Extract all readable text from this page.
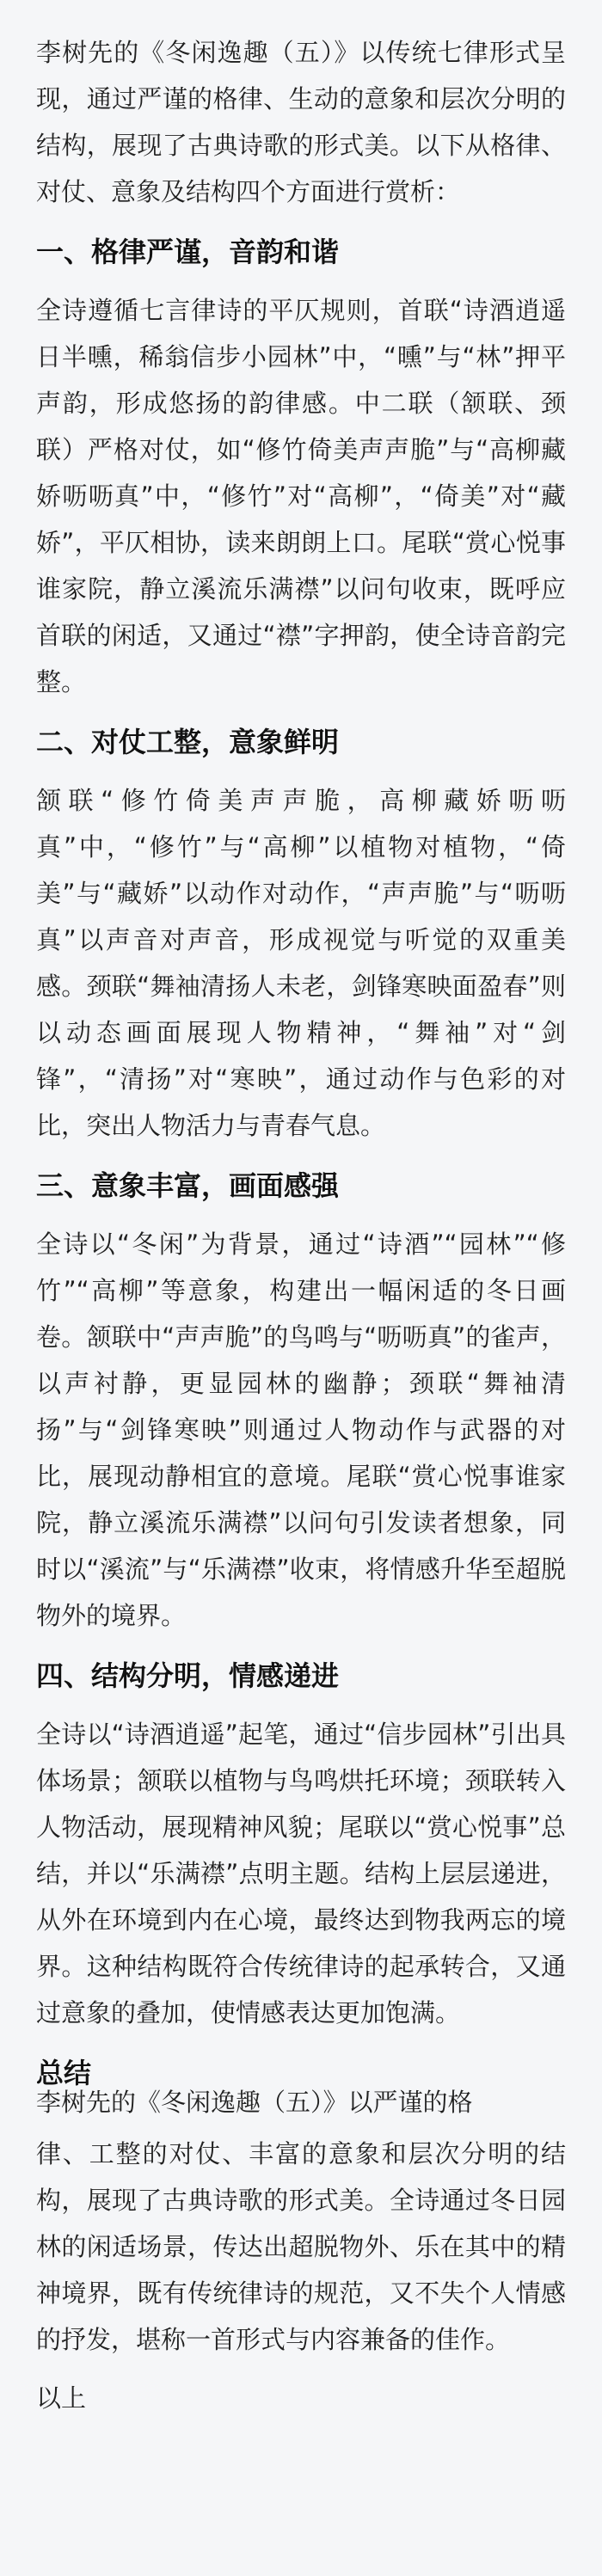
李树先的《冬闲逸趣（五）》以传统七律形式呈现，通过严谨的格律、生动的意象和层次分明的结构，展现了古典诗歌的形式美。以下从格律、对仗、意象及结构四个方面进行赏析：

一、格律严谨，音韵和谐

全诗遵循七言律诗的平仄规则，首联“诗酒逍遥日半曛，稀翁信步小园林”中，“曛”与“林”押平声韵，形成悠扬的韵律感。中二联（颔联、颈联）严格对仗，如“修竹倚美声声脆”与“高柳藏娇呖呖真”中，“修竹”对“高柳”，“倚美”对“藏娇”，平仄相协，读来朗朗上口。尾联“赏心悦事谁家院，静立溪流乐满襟”以问句收束，既呼应首联的闲适，又通过“襟”字押韵，使全诗音韵完整。

二、对仗工整，意象鲜明

颔联“修竹倚美声声脆，高柳藏娇呖呖真”中，“修竹”与“高柳”以植物对植物，“倚美”与“藏娇”以动作对动作，“声声脆”与“呖呖真”以声音对声音，形成视觉与听觉的双重美感。颈联“舞袖清扬人未老，剑锋寒映面盈春”则以动态画面展现人物精神，“舞袖”对“剑锋”，“清扬”对“寒映”，通过动作与色彩的对比，突出人物活力与青春气息。

三、意象丰富，画面感强

全诗以“冬闲”为背景，通过“诗酒”“园林”“修竹”“高柳”等意象，构建出一幅闲适的冬日画卷。颔联中“声声脆”的鸟鸣与“呖呖真”的雀声，以声衬静，更显园林的幽静；颈联“舞袖清扬”与“剑锋寒映”则通过人物动作与武器的对比，展现动静相宜的意境。尾联“赏心悦事谁家院，静立溪流乐满襟”以问句引发读者想象，同时以“溪流”与“乐满襟”收束，将情感升华至超脱物外的境界。

四、结构分明，情感递进

全诗以“诗酒逍遥”起笔，通过“信步园林”引出具体场景；颔联以植物与鸟鸣烘托环境；颈联转入人物活动，展现精神风貌；尾联以“赏心悦事”总结，并以“乐满襟”点明主题。结构上层层递进，从外在环境到内在心境，最终达到物我两忘的境界。这种结构既符合传统律诗的起承转合，又通过意象的叠加，使情感表达更加饱满。

总结

李树先的《冬闲逸趣（五）》以严谨的格

律、工整的对仗、丰富的意象和层次分明的结构，展现了古典诗歌的形式美。全诗通过冬日园林的闲适场景，传达出超脱物外、乐在其中的精神境界，既有传统律诗的规范，又不失个人情感的抒发，堪称一首形式与内容兼备的佳作。

以上
